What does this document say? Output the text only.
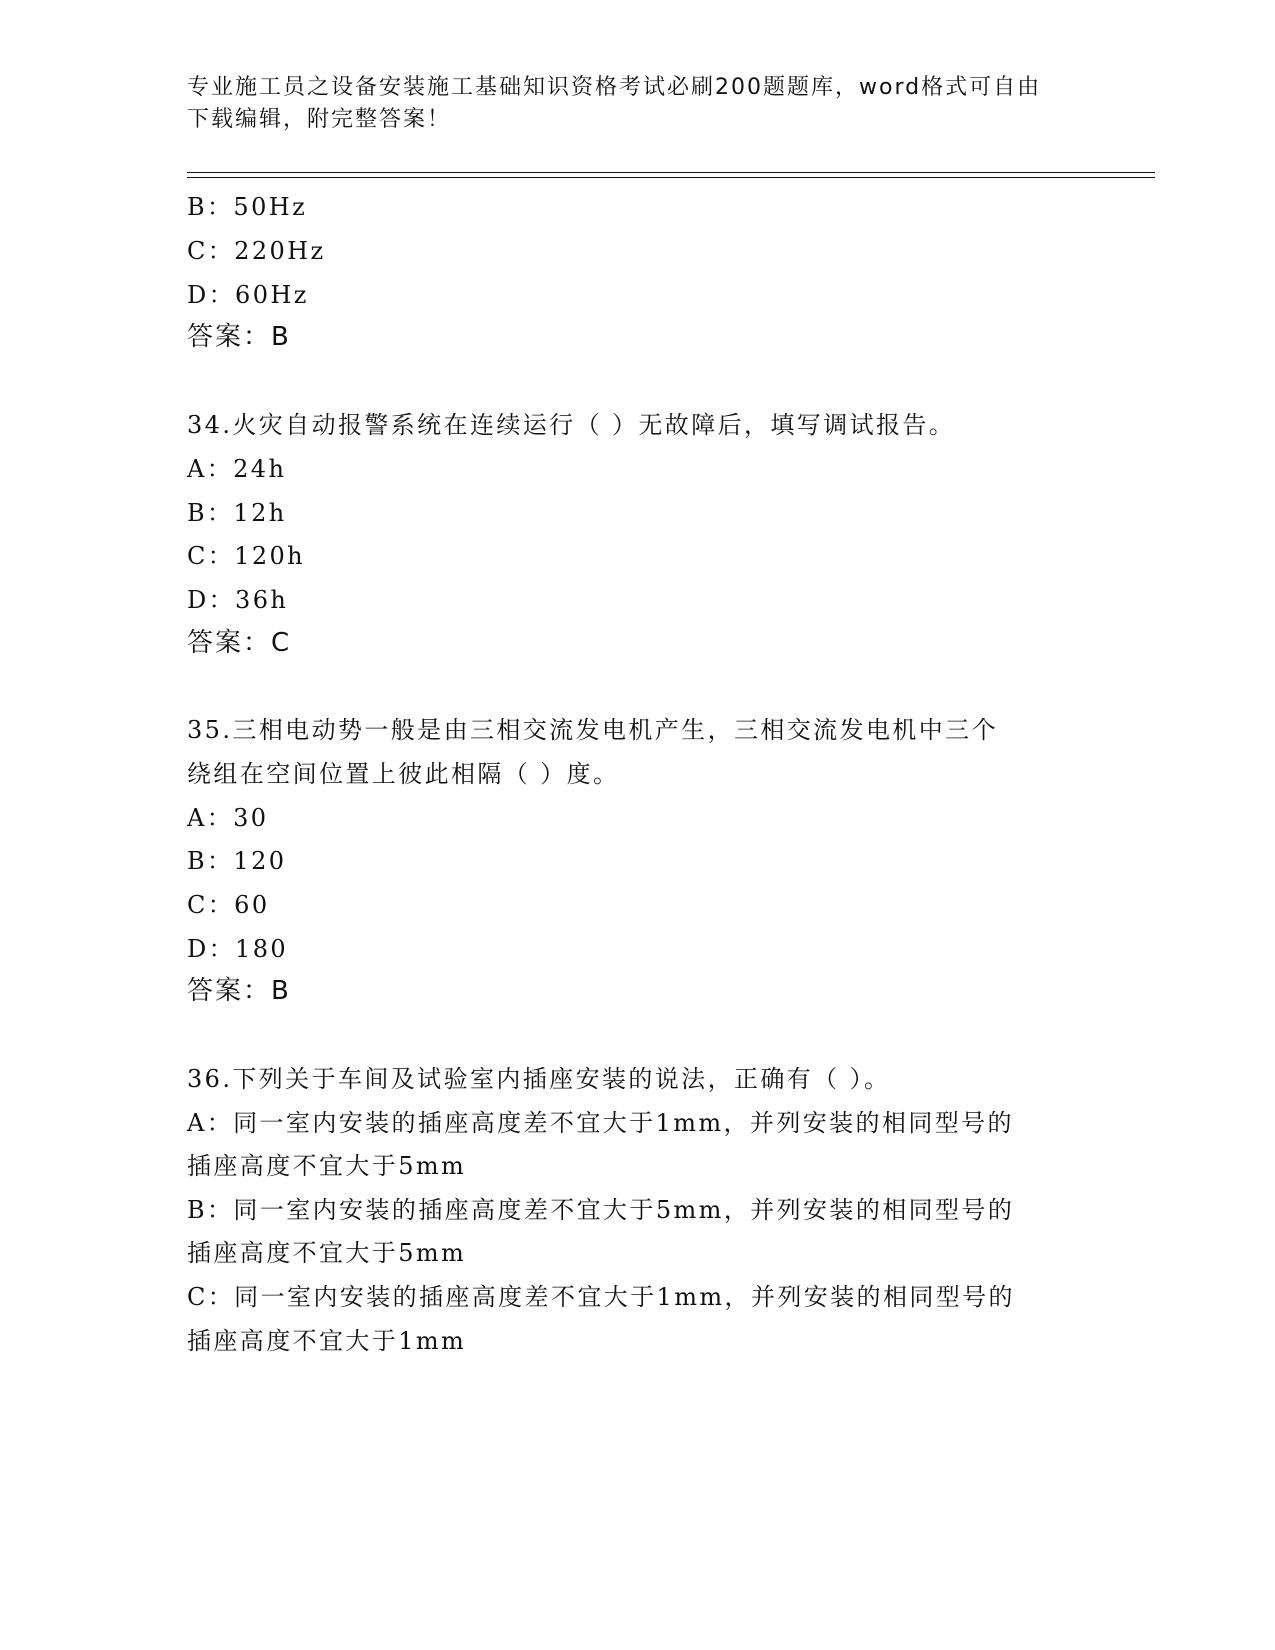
专业施工员之设备安装施工基础知识资格考试必刷200题题库，word格式可自由
下载编辑，附完整答案！
B：50Hz
C：220Hz
D：60Hz
答案：B
34.火灾自动报警系统在连续运行（ ）无故障后，填写调试报告。
A：24h
B：12h
C：120h
D：36h
答案：C
35.三相电动势一般是由三相交流发电机产生，三相交流发电机中三个
绕组在空间位置上彼此相隔（ ）度。
A：30
B：120
C：60
D：180
答案：B
36.下列关于车间及试验室内插座安装的说法，正确有（ ）。
A：同一室内安装的插座高度差不宜大于1mm，并列安装的相同型号的
插座高度不宜大于5mm
B：同一室内安装的插座高度差不宜大于5mm，并列安装的相同型号的
插座高度不宜大于5mm
C：同一室内安装的插座高度差不宜大于1mm，并列安装的相同型号的
插座高度不宜大于1mm
